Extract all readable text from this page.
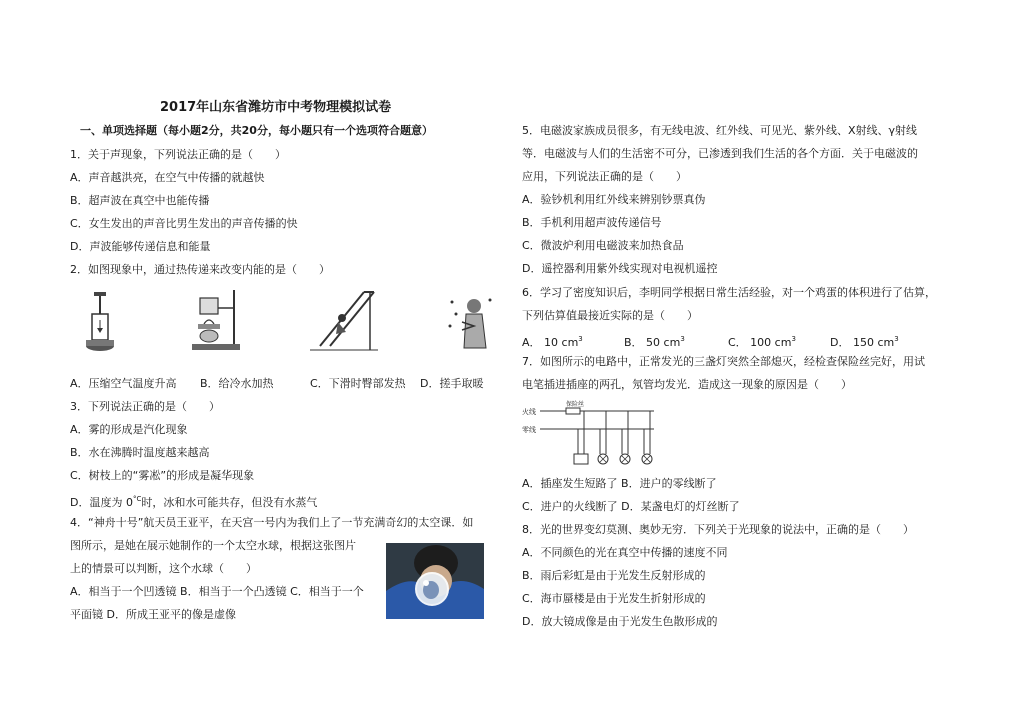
2017年山东省潍坊市中考物理模拟试卷
一、单项选择题（每小题2分，共20分，每小题只有一个选项符合题意）
1．关于声现象，下列说法正确的是（　　）
A．声音越洪亮，在空气中传播的就越快
B．超声波在真空中也能传播
C．女生发出的声音比男生发出的声音传播的快
D．声波能够传递信息和能量
2．如图现象中，通过热传递来改变内能的是（　　）
A．压缩空气温度升高 B．给冷水加热	C．下滑时臀部发热 D．搓手取暖
3．下列说法正确的是（　　）
A．雾的形成是汽化现象
B．水在沸腾时温度越来越高
C．树枝上的“雾凇”的形成是凝华现象
D．温度为 $0^{^\circ C}$时，冰和水可能共存，但没有水蒸气
4．“神舟十号”航天员王亚平，在天宫一号内为我们上了一节充满奇幻的太空课．如
图所示，是她在展示她制作的一个太空水球，根据这张图片
上的情景可以判断，这个水球（　　）
A．相当于一个凹透镜 B．相当于一个凸透镜 C．相当于一个
平面镜 D．所成王亚平的像是虚像
5．电磁波家族成员很多，有无线电波、红外线、可见光、紫外线、X射线、γ射线
等．电磁波与人们的生活密不可分，已渗透到我们生活的各个方面．关于电磁波的
应用，下列说法正确的是（　　）
A．验钞机利用红外线来辨别钞票真伪
B．手机利用超声波传递信号
C．微波炉利用电磁波来加热食品
D．遥控器利用紫外线实现对电视机遥控
6．学习了密度知识后，李明同学根据日常生活经验，对一个鸡蛋的体积进行了估算，
下列估算值最接近实际的是（　　）
A． 10 $cm^3$	B． 50 $cm^3$	C． 100 $cm^3$	D． 150 $cm^3$
7．如图所示的电路中，正常发光的三盏灯突然全部熄灭，经检查保险丝完好，用试
电笔插进插座的两孔，氖管均发光．造成这一现象的原因是（　　）
火线
零线
保险丝
A．插座发生短路了 B．进户的零线断了
C．进户的火线断了 D．某盏电灯的灯丝断了
8．光的世界变幻莫测、奥妙无穷．下列关于光现象的说法中，正确的是（　　）
A．不同颜色的光在真空中传播的速度不同
B．雨后彩虹是由于光发生反射形成的
C．海市蜃楼是由于光发生折射形成的
D．放大镜成像是由于光发生色散形成的
